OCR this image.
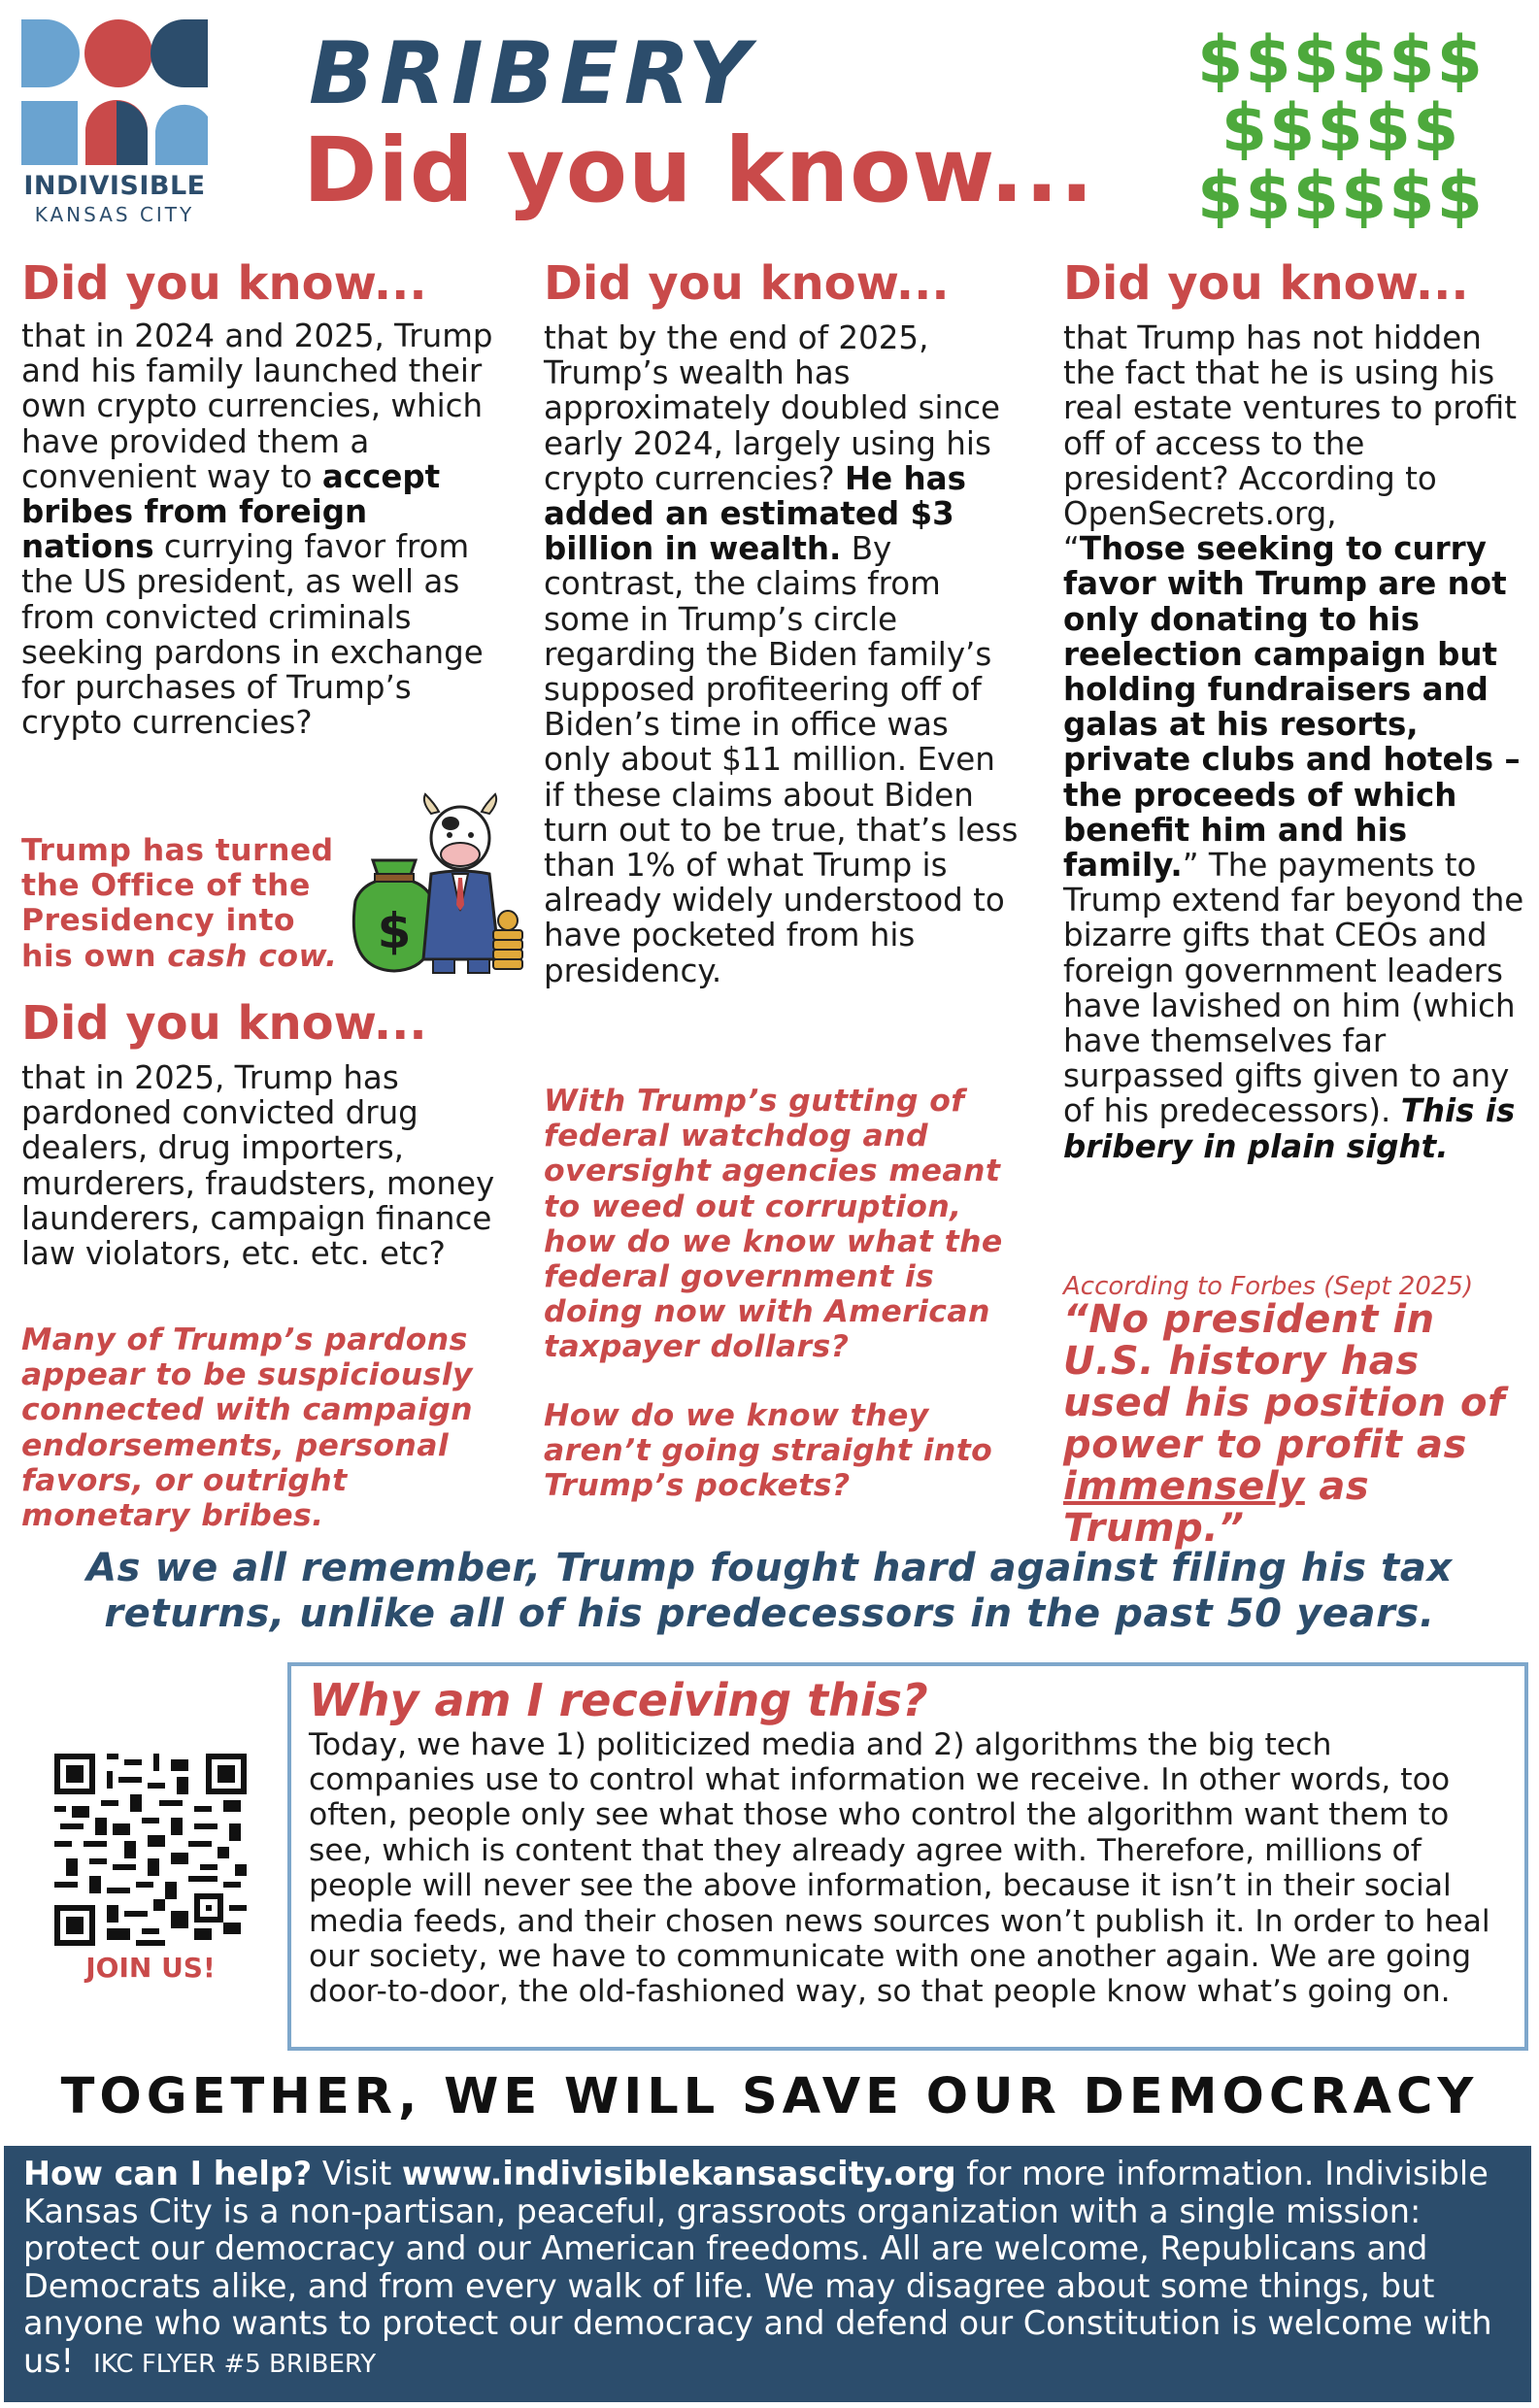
INDIVISIBLE
KANSAS CITY
BRIBERY
Did you know...
$$$$$$
$$$$$
$$$$$$
Did you know...
that in 2024 and 2025, Trump and his family launched their own crypto currencies, which have provided them a convenient way to accept bribes from foreign nations currying favor from the US president, as well as from convicted criminals seeking pardons in exchange for purchases of Trump’s crypto currencies?
Trump has turned the Office of the Presidency into his own cash cow. $
Did you know...
that in 2025, Trump has pardoned convicted drug dealers, drug importers, murderers, fraudsters, money launderers, campaign finance law violators, etc. etc. etc?
Many of Trump’s pardons appear to be suspiciously connected with campaign endorsements, personal favors, or outright monetary bribes.
Did you know...
that by the end of 2025, Trump’s wealth has approximately doubled since early 2024, largely using his crypto currencies? He has added an estimated $3 billion in wealth. By contrast, the claims from some in Trump’s circle regarding the Biden family’s supposed profiteering off of Biden’s time in office was only about $11 million. Even if these claims about Biden turn out to be true, that’s less than 1% of what Trump is already widely understood to have pocketed from his presidency.
With Trump’s gutting of federal watchdog and oversight agencies meant to weed out corruption, how do we know what the federal government is doing now with American taxpayer dollars?
How do we know they aren’t going straight into Trump’s pockets?
Did you know...
that Trump has not hidden the fact that he is using his real estate ventures to profit off of access to the president? According to OpenSecrets.org,
“Those seeking to curry favor with Trump are not only donating to his reelection campaign but holding fundraisers and galas at his resorts, private clubs and hotels – the proceeds of which benefit him and his family.” The payments to Trump extend far beyond the bizarre gifts that CEOs and foreign government leaders have lavished on him (which have themselves far surpassed gifts given to any of his predecessors). This is bribery in plain sight.
According to Forbes (Sept 2025)
“No president in U.S. history has used his position of power to profit as immensely as Trump.”
As we all remember, Trump fought hard against filing his tax returns, unlike all of his predecessors in the past 50 years.
JOIN US!
Why am I receiving this?
Today, we have 1) politicized media and 2) algorithms the big tech companies use to control what information we receive. In other words, too often, people only see what those who control the algorithm want them to see, which is content that they already agree with. Therefore, millions of people will never see the above information, because it isn’t in their social media feeds, and their chosen news sources won’t publish it. In order to heal our society, we have to communicate with one another again. We are going door-to-door, the old-fashioned way, so that people know what’s going on.
TOGETHER, WE WILL SAVE OUR DEMOCRACY
How can I help? Visit www.indivisiblekansascity.org for more information. Indivisible Kansas City is a non-partisan, peaceful, grassroots organization with a single mission: protect our democracy and our American freedoms. All are welcome, Republicans and Democrats alike, and from every walk of life. We may disagree about some things, but anyone who wants to protect our democracy and defend our Constitution is welcome with us! IKC FLYER #5 BRIBERY
